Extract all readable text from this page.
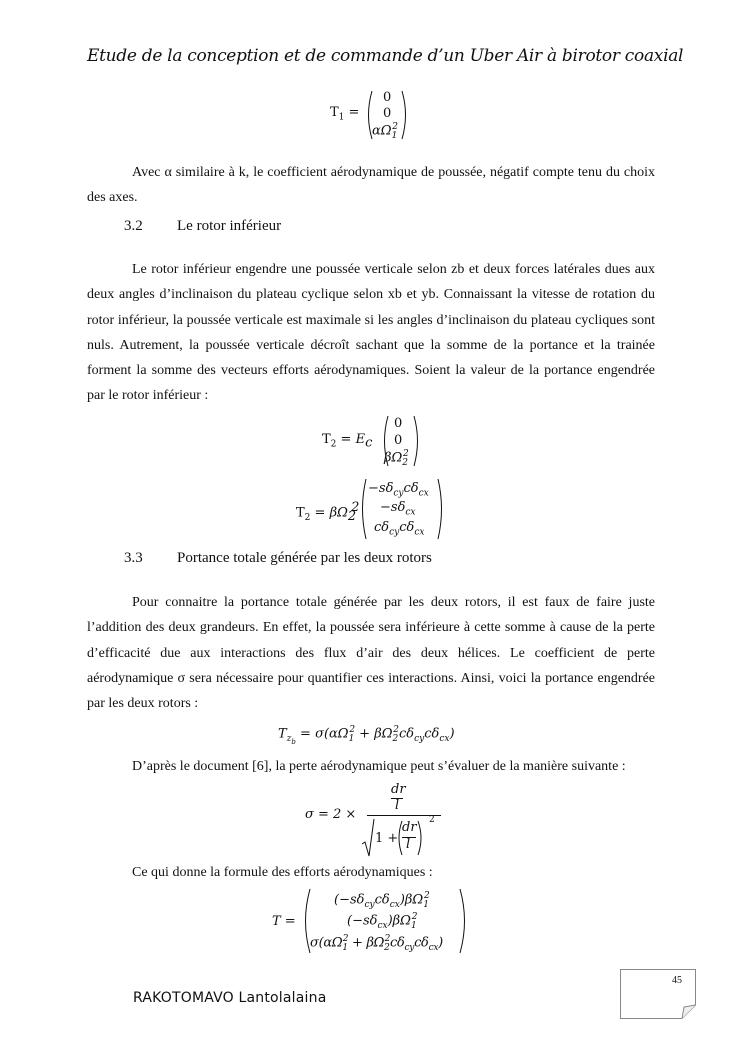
Etude de la conception et de commande d’un Uber Air à birotor coaxial
$T_1$ =
0
0
$\alpha\Omega_1^2$
Avec α similaire à k, le coefficient aérodynamique de poussée, négatif compte tenu du choix des axes.
3.2 Le rotor inférieur
Le rotor inférieur engendre une poussée verticale selon zb et deux forces latérales dues aux deux angles d’inclinaison du plateau cyclique selon xb et yb. Connaissant la vitesse de rotation du rotor inférieur, la poussée verticale est maximale si les angles d’inclinaison du plateau cycliques sont nuls. Autrement, la poussée verticale décroît sachant que la somme de la portance et la trainée forment la somme des vecteurs efforts aérodynamiques. Soient la valeur de la portance engendrée par le rotor inférieur :
$T_2 = E_c$
0
0
$\beta\Omega_2^2$
$T_2 = \beta\Omega_2^2$
$-s\delta_{cy}c\delta_{cx}$
$-s\delta_{cx}$
$c\delta_{cy}c\delta_{cx}$
3.3 Portance totale générée par les deux rotors
Pour connaitre la portance totale générée par les deux rotors, il est faux de faire juste l’addition des deux grandeurs. En effet, la poussée sera inférieure à cette somme à cause de la perte d’efficacité due aux interactions des flux d’air des deux hélices. Le coefficient de perte aérodynamique σ sera nécessaire pour quantifier ces interactions. Ainsi, voici la portance engendrée par les deux rotors :
$T_{z_b} = \sigma(\alpha\Omega_1^2 + \beta\Omega_2^2c\delta_{cy}c\delta_{cx})$
D’après le document [6], la perte aérodynamique peut s’évaluer de la manière suivante :
σ = 2 ×
dr
l
1 +
dr
l
2
Ce qui donne la formule des efforts aérodynamiques :
T =
$(-s\delta_{cy}c\delta_{cx})\beta\Omega_1^2$
$(-s\delta_{cx})\beta\Omega_1^2$
$\sigma(\alpha\Omega_1^2 + \beta\Omega_2^2c\delta_{cy}c\delta_{cx})$
45
RAKOTOMAVO Lantolalaina
